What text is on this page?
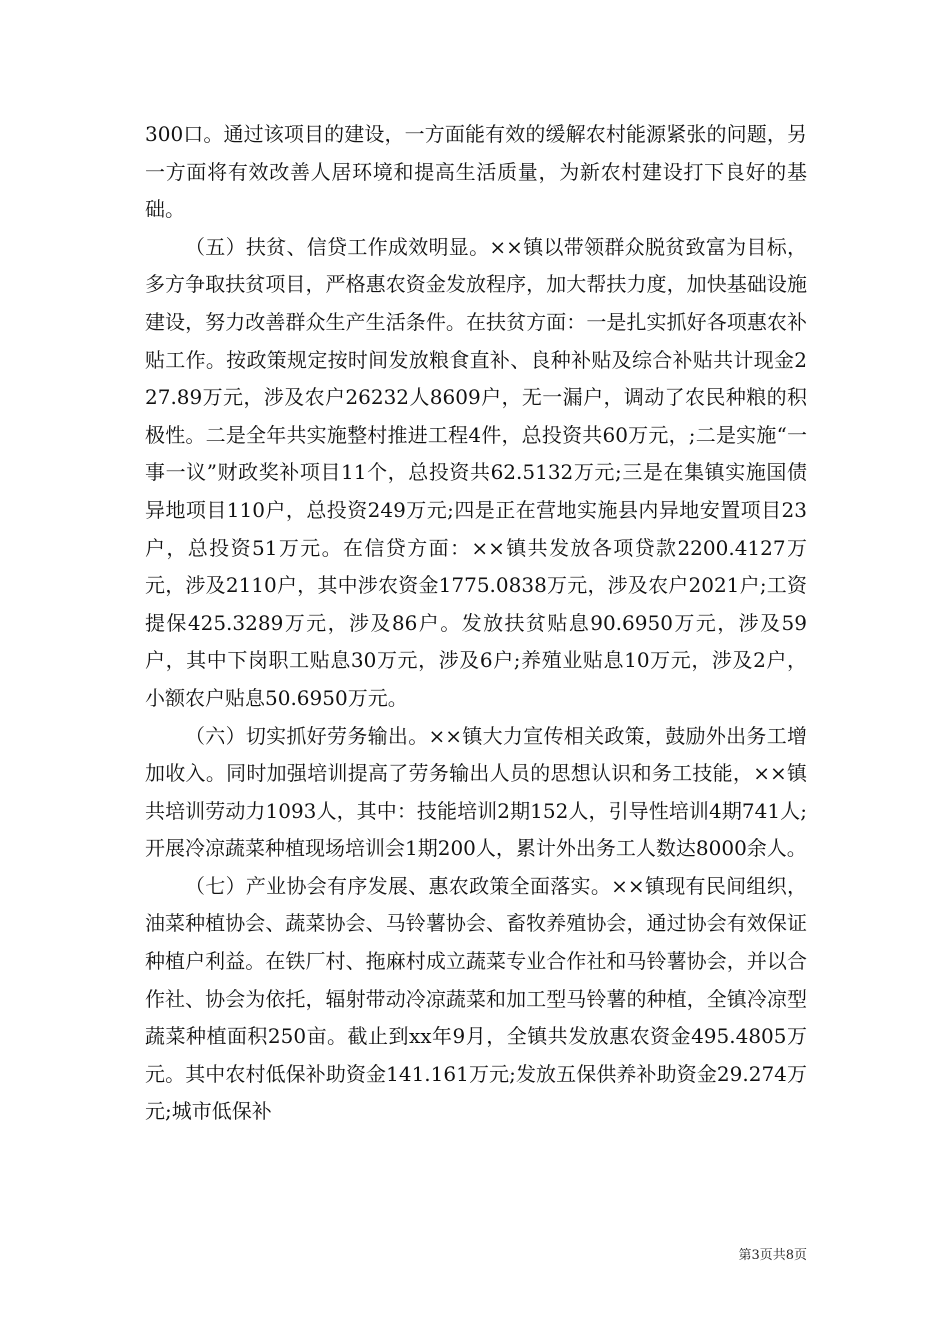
300口。通过该项目的建设，一方面能有效的缓解农村能源紧张的问题，另一方面将有效改善人居环境和提高生活质量，为新农村建设打下良好的基础。

（五）扶贫、信贷工作成效明显。××镇以带领群众脱贫致富为目标，多方争取扶贫项目，严格惠农资金发放程序，加大帮扶力度，加快基础设施建设，努力改善群众生产生活条件。在扶贫方面：一是扎实抓好各项惠农补贴工作。按政策规定按时间发放粮食直补、良种补贴及综合补贴共计现金227.89万元，涉及农户26232人8609户，无一漏户，调动了农民种粮的积极性。二是全年共实施整村推进工程4件，总投资共60万元，;二是实施“一事一议”财政奖补项目11个，总投资共62.5132万元;三是在集镇实施国债异地项目110户，总投资249万元;四是正在营地实施县内异地安置项目23户，总投资51万元。在信贷方面：××镇共发放各项贷款2200.4127万元，涉及2110户，其中涉农资金1775.0838万元，涉及农户2021户;工资提保425.3289万元，涉及86户。发放扶贫贴息90.6950万元，涉及59户，其中下岗职工贴息30万元，涉及6户;养殖业贴息10万元，涉及2户，小额农户贴息50.6950万元。

（六）切实抓好劳务输出。××镇大力宣传相关政策，鼓励外出务工增加收入。同时加强培训提高了劳务输出人员的思想认识和务工技能，××镇共培训劳动力1093人，其中：技能培训2期152人，引导性培训4期741人;开展冷凉蔬菜种植现场培训会1期200人，累计外出务工人数达8000余人。

（七）产业协会有序发展、惠农政策全面落实。××镇现有民间组织，油菜种植协会、蔬菜协会、马铃薯协会、畜牧养殖协会，通过协会有效保证种植户利益。在铁厂村、拖麻村成立蔬菜专业合作社和马铃薯协会，并以合作社、协会为依托，辐射带动冷凉蔬菜和加工型马铃薯的种植，全镇冷凉型蔬菜种植面积250亩。截止到xx年9月，全镇共发放惠农资金495.4805万元。其中农村低保补助资金141.161万元;发放五保供养补助资金29.274万元;城市低保补

第3页共8页
